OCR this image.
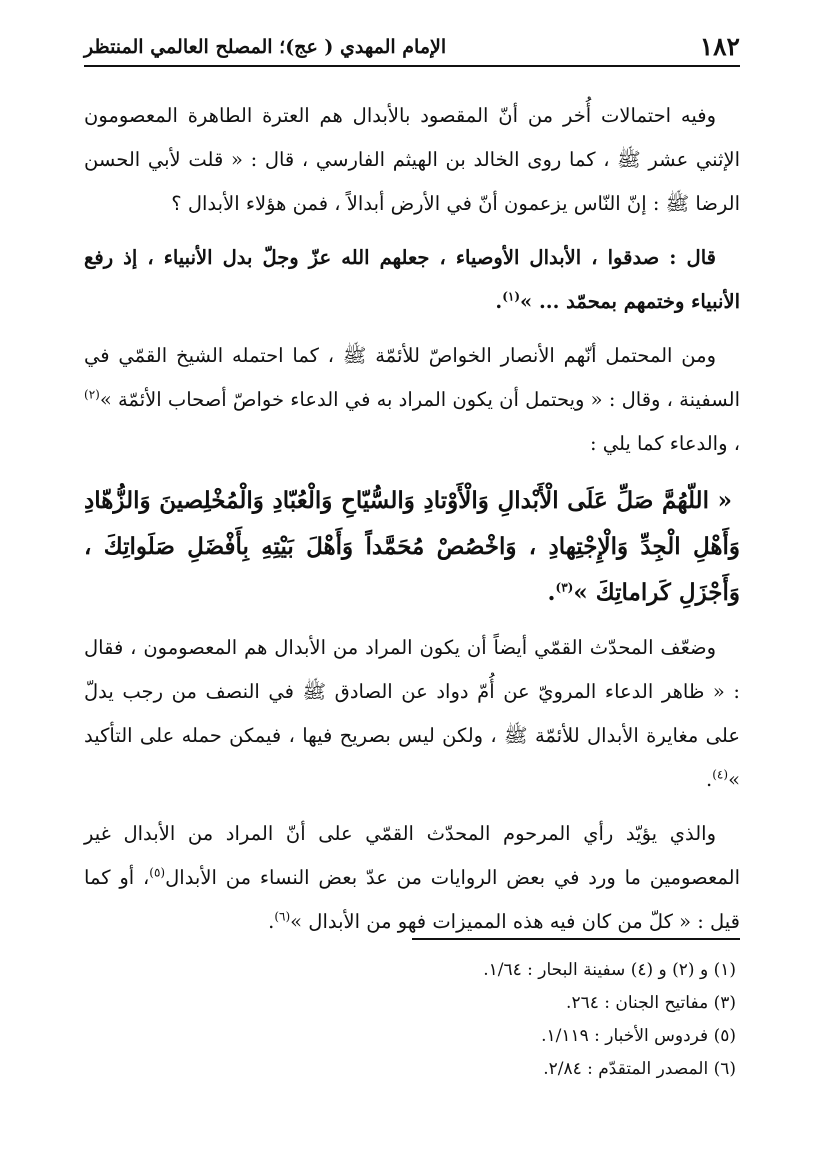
١٨٢
الإمام المهدي ( عج)؛ المصلح العالمي المنتظر

وفيه احتمالات أُخر من أنّ المقصود بالأبدال هم العترة الطاهرة المعصومون الإثني عشر ﷺ ، كما روى الخالد بن الهيثم الفارسي ، قال : « قلت لأبي الحسن الرضا ﷺ : إنّ النّاس يزعمون أنّ في الأرض أبدالاً ، فمن هؤلاء الأبدال ؟

قال : صدقوا ، الأبدال الأوصياء ، جعلهم الله عزّ وجلّ بدل الأنبياء ، إذ رفع الأنبياء وختمهم بمحمّد ... »$^{(١)}$.

ومن المحتمل أنّهم الأنصار الخواصّ للأئمّة ﷺ ، كما احتمله الشيخ القمّي في السفينة ، وقال : « ويحتمل أن يكون المراد به في الدعاء خواصّ أصحاب الأئمّة »$^{(٢)}$ ، والدعاء كما يلي :

« اللّهُمَّ صَلِّ عَلَى الْأَبْدالِ وَالْأَوْتادِ وَالسُّيّاحِ وَالْعُبّادِ وَالْمُخْلِصينَ وَالزُّهّادِ وَأَهْلِ الْجِدِّ وَالْإِجْتِهادِ ، وَاخْصُصْ مُحَمَّداً وَأَهْلَ بَيْتِهِ بِأَفْضَلِ صَلَواتِكَ ، وَأَجْزَلِ كَراماتِكَ »$^{(٣)}$.

وضعّف المحدّث القمّي أيضاً أن يكون المراد من الأبدال هم المعصومون ، فقال : « ظاهر الدعاء المرويّ عن أُمّ دواد عن الصادق ﷺ في النصف من رجب يدلّ على مغايرة الأبدال للأئمّة ﷺ ، ولكن ليس بصريح فيها ، فيمكن حمله على التأكيد »$^{(٤)}$.

والذي يؤيّد رأي المرحوم المحدّث القمّي على أنّ المراد من الأبدال غير المعصومين ما ورد في بعض الروايات من عدّ بعض النساء من الأبدال$^{(٥)}$، أو كما قيل : « كلّ من كان فيه هذه المميزات فهو من الأبدال »$^{(٦)}$.

(١) و (٢) و (٤) سفينة البحار : ١/٦٤.
(٣) مفاتيح الجنان : ٢٦٤.
(٥) فردوس الأخبار : ١/١١٩.
(٦) المصدر المتقدّم : ٢/٨٤.
